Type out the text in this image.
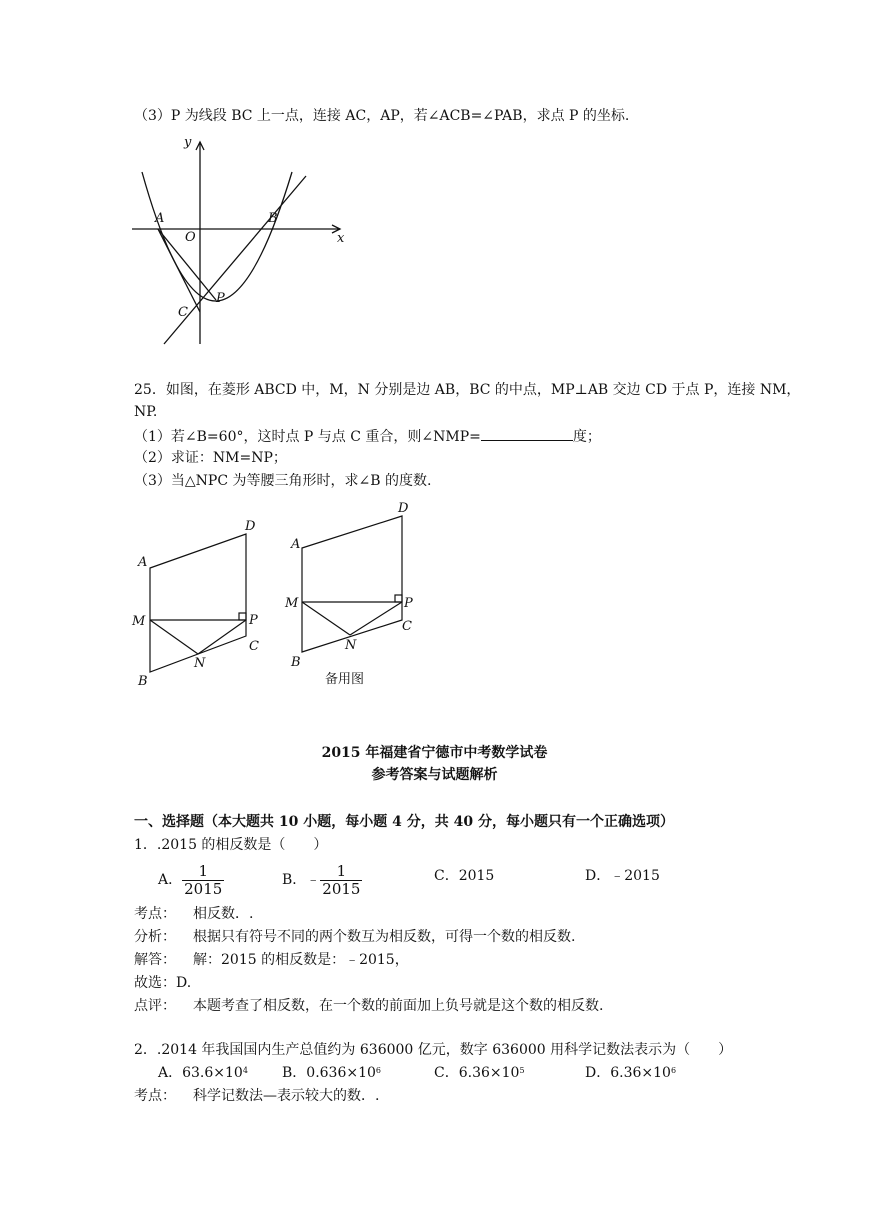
（3）P 为线段 BC 上一点，连接 AC，AP，若∠ACB=∠PAB，求点 P 的坐标.
y
x
A
O
B
C
P
25．如图，在菱形 ABCD 中，M，N 分别是边 AB，BC 的中点，MP⊥AB 交边 CD 于点 P，连接 NM，
NP.
（1）若∠B=60°，这时点 P 与点 C 重合，则∠NMP=	度；
（2）求证：NM=NP；
（3）当△NPC 为等腰三角形时，求∠B 的度数.
A
D
M	P
C
N
B
A
D
M	P
C
N
B
备用图
2015 年福建省宁德市中考数学试卷
参考答案与试题解析
一、选择题（本大题共 10 小题，每小题 4 分，共 40 分，每小题只有一个正确选项）
1．.2015 的相反数是（　　）
A． $\frac{1}{2015}$	B．﹣ $\frac{1}{2015}$	C．2015	D．﹣2015
考点： 相反数．.
分析： 根据只有符号不同的两个数互为相反数，可得一个数的相反数.
解答： 解：2015 的相反数是：﹣2015，
故选：D.
点评： 本题考查了相反数，在一个数的前面加上负号就是这个数的相反数.
2．.2014 年我国国内生产总值约为 636000 亿元，数字 636000 用科学记数法表示为（　　）
A．$63.6\times 10^4$ B．$0.636\times 10^6$	C．$6.36\times 10^5$	D．$6.36\times 10^6$
考点： 科学记数法—表示较大的数．.
